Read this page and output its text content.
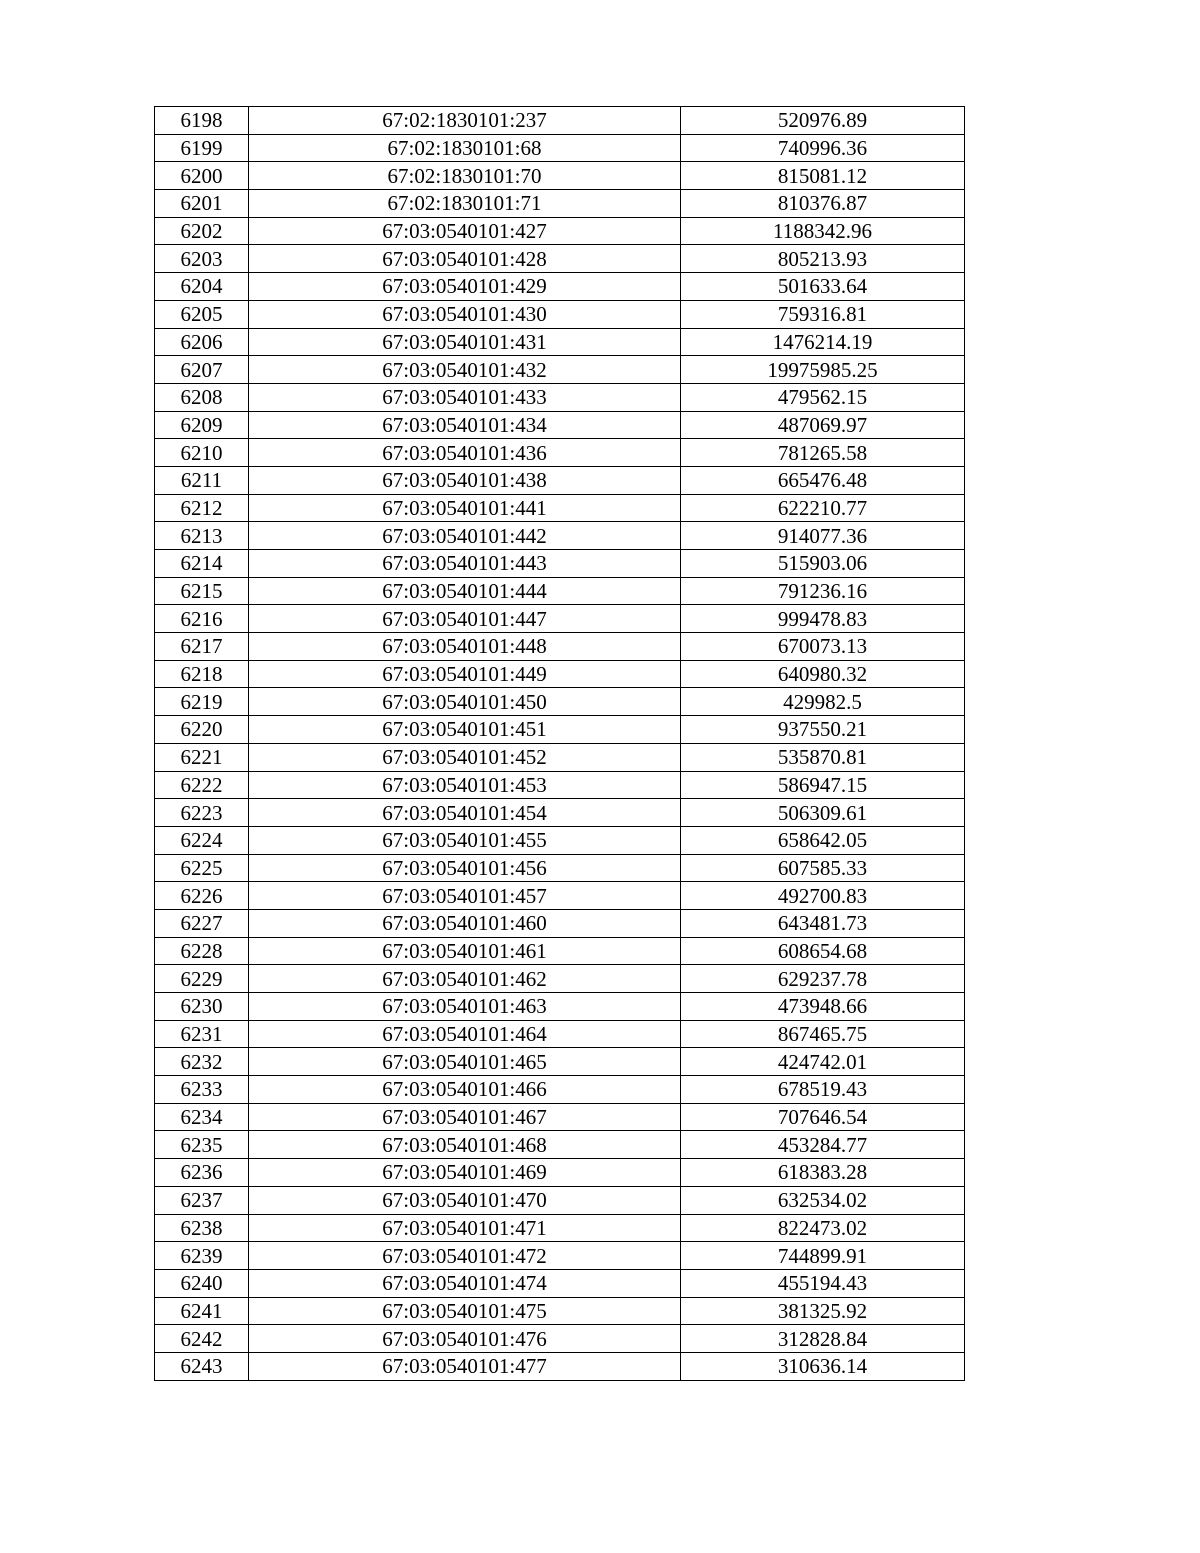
6198	67:02:1830101:237	520976.89
6199	67:02:1830101:68	740996.36
6200	67:02:1830101:70	815081.12
6201	67:02:1830101:71	810376.87
6202	67:03:0540101:427	1188342.96
6203	67:03:0540101:428	805213.93
6204	67:03:0540101:429	501633.64
6205	67:03:0540101:430	759316.81
6206	67:03:0540101:431	1476214.19
6207	67:03:0540101:432	19975985.25
6208	67:03:0540101:433	479562.15
6209	67:03:0540101:434	487069.97
6210	67:03:0540101:436	781265.58
6211	67:03:0540101:438	665476.48
6212	67:03:0540101:441	622210.77
6213	67:03:0540101:442	914077.36
6214	67:03:0540101:443	515903.06
6215	67:03:0540101:444	791236.16
6216	67:03:0540101:447	999478.83
6217	67:03:0540101:448	670073.13
6218	67:03:0540101:449	640980.32
6219	67:03:0540101:450	429982.5
6220	67:03:0540101:451	937550.21
6221	67:03:0540101:452	535870.81
6222	67:03:0540101:453	586947.15
6223	67:03:0540101:454	506309.61
6224	67:03:0540101:455	658642.05
6225	67:03:0540101:456	607585.33
6226	67:03:0540101:457	492700.83
6227	67:03:0540101:460	643481.73
6228	67:03:0540101:461	608654.68
6229	67:03:0540101:462	629237.78
6230	67:03:0540101:463	473948.66
6231	67:03:0540101:464	867465.75
6232	67:03:0540101:465	424742.01
6233	67:03:0540101:466	678519.43
6234	67:03:0540101:467	707646.54
6235	67:03:0540101:468	453284.77
6236	67:03:0540101:469	618383.28
6237	67:03:0540101:470	632534.02
6238	67:03:0540101:471	822473.02
6239	67:03:0540101:472	744899.91
6240	67:03:0540101:474	455194.43
6241	67:03:0540101:475	381325.92
6242	67:03:0540101:476	312828.84
6243	67:03:0540101:477	310636.14
